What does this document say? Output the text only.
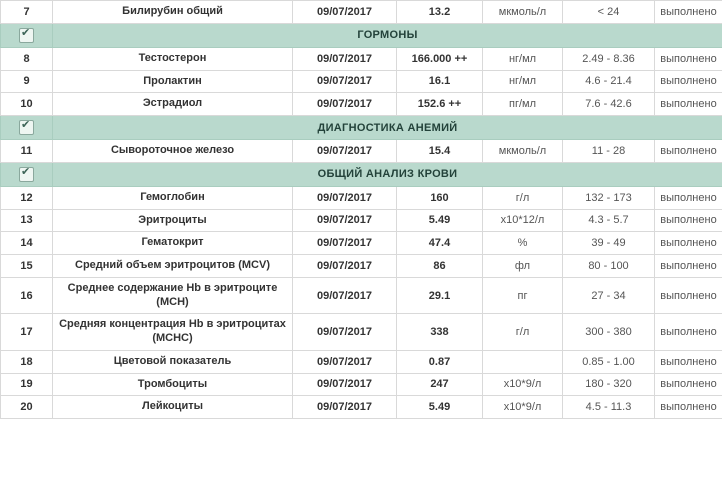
7	Билирубин общий	09/07/2017	13.2	мкмоль/л	< 24	выполнено
✔	ГОРМОНЫ					
8	Тестостерон	09/07/2017	166.000 ++	нг/мл	2.49 - 8.36	выполнено
9	Пролактин	09/07/2017	16.1	нг/мл	4.6 - 21.4	выполнено
10	Эстрадиол	09/07/2017	152.6 ++	пг/мл	7.6 - 42.6	выполнено
✔	ДИАГНОСТИКА АНЕМИЙ					
11	Сывороточное железо	09/07/2017	15.4	мкмоль/л	11 - 28	выполнено
✔	ОБЩИЙ АНАЛИЗ КРОВИ					
12	Гемоглобин	09/07/2017	160	г/л	132 - 173	выполнено
13	Эритроциты	09/07/2017	5.49	х10*12/л	4.3 - 5.7	выполнено
14	Гематокрит	09/07/2017	47.4	%	39 - 49	выполнено
15	Средний объем эритроцитов (MCV)	09/07/2017	86	фл	80 - 100	выполнено
16	Среднее содержание Hb в эритроците (MCH)	09/07/2017	29.1	пг	27 - 34	выполнено
17	Средняя концентрация Hb в эритроцитах (MCHC)	09/07/2017	338	г/л	300 - 380	выполнено
18	Цветовой показатель	09/07/2017	0.87		0.85 - 1.00	выполнено
19	Тромбоциты	09/07/2017	247	х10*9/л	180 - 320	выполнено
20	Лейкоциты	09/07/2017	5.49	х10*9/л	4.5 - 11.3	выполнено
